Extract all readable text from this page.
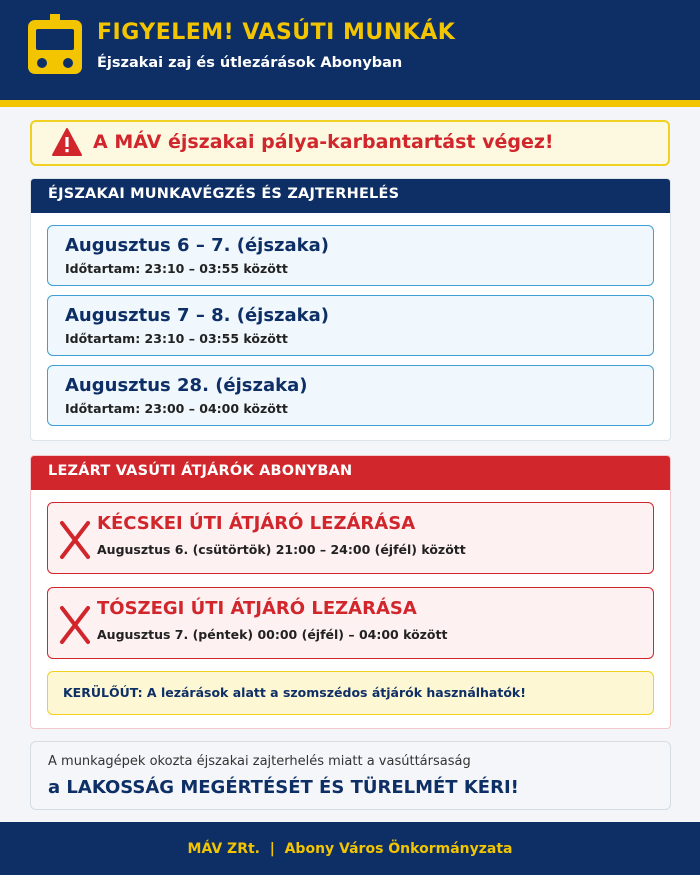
FIGYELEM! VASÚTI MUNKÁK
Éjszakai zaj és útlezárások Abonyban
A MÁV éjszakai pálya-karbantartást végez!
ÉJSZAKAI MUNKAVÉGZÉS ÉS ZAJTERHELÉS
Augusztus 6 – 7. (éjszaka)
Időtartam: 23:10 – 03:55 között
Augusztus 7 – 8. (éjszaka)
Időtartam: 23:10 – 03:55 között
Augusztus 28. (éjszaka)
Időtartam: 23:00 – 04:00 között
LEZÁRT VASÚTI ÁTJÁRÓK ABONYBAN
KÉCSKEI ÚTI ÁTJÁRÓ LEZÁRÁSA
Augusztus 6. (csütörtök) 21:00 – 24:00 (éjfél) között
TÓSZEGI ÚTI ÁTJÁRÓ LEZÁRÁSA
Augusztus 7. (péntek) 00:00 (éjfél) – 04:00 között
KERÜLŐÚT: A lezárások alatt a szomszédos átjárók használhatók!
A munkagépek okozta éjszakai zajterhelés miatt a vasúttársaság
a LAKOSSÁG MEGÉRTÉSÉT ÉS TÜRELMÉT KÉRI!
MÁV ZRt.  |  Abony Város Önkormányzata
